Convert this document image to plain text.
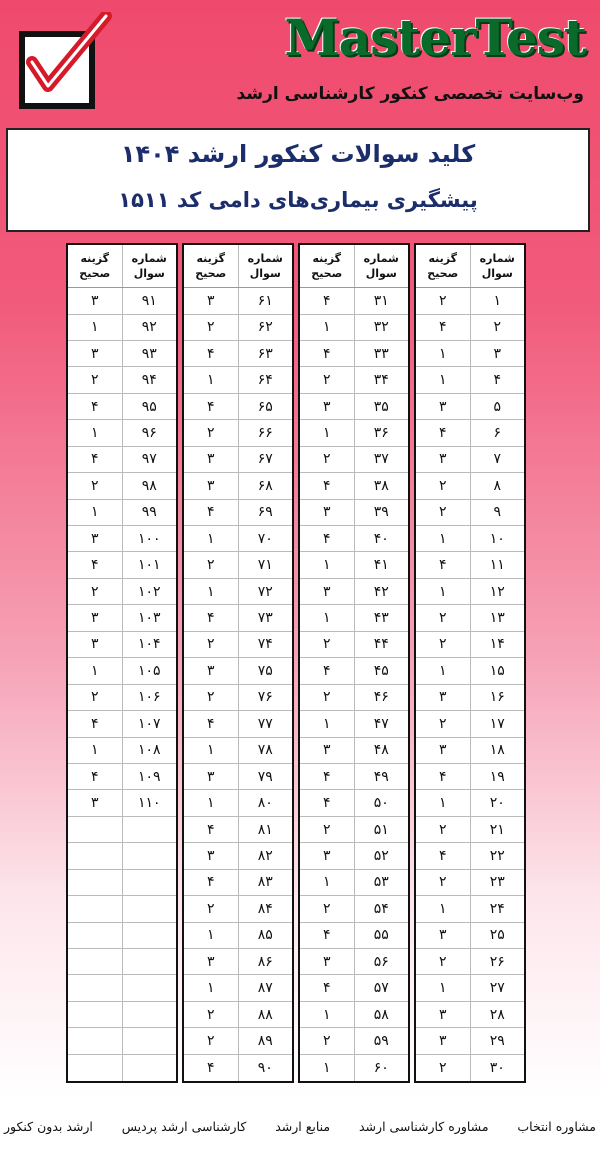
MasterTest
وب‌سایت تخصصی کنکور کارشناسی ارشد
کلید سوالات کنکور ارشد ۱۴۰۴
پیشگیری بیماری‌های دامی کد ۱۵۱۱
شماره
سوال
گزینه
صحیح
۱
۲
۲
۴
۳
۱
۴
۱
۵
۳
۶
۴
۷
۳
۸
۲
۹
۲
۱۰
۱
۱۱
۴
۱۲
۱
۱۳
۲
۱۴
۲
۱۵
۱
۱۶
۳
۱۷
۲
۱۸
۳
۱۹
۴
۲۰
۱
۲۱
۲
۲۲
۴
۲۳
۲
۲۴
۱
۲۵
۳
۲۶
۲
۲۷
۱
۲۸
۳
۲۹
۳
۳۰
۲
شماره
سوال
گزینه
صحیح
۳۱
۴
۳۲
۱
۳۳
۴
۳۴
۲
۳۵
۳
۳۶
۱
۳۷
۲
۳۸
۴
۳۹
۳
۴۰
۴
۴۱
۱
۴۲
۳
۴۳
۱
۴۴
۲
۴۵
۴
۴۶
۲
۴۷
۱
۴۸
۳
۴۹
۴
۵۰
۴
۵۱
۲
۵۲
۳
۵۳
۱
۵۴
۲
۵۵
۴
۵۶
۳
۵۷
۴
۵۸
۱
۵۹
۲
۶۰
۱
شماره
سوال
گزینه
صحیح
۶۱
۳
۶۲
۲
۶۳
۴
۶۴
۱
۶۵
۴
۶۶
۲
۶۷
۳
۶۸
۳
۶۹
۴
۷۰
۱
۷۱
۲
۷۲
۱
۷۳
۴
۷۴
۲
۷۵
۳
۷۶
۲
۷۷
۴
۷۸
۱
۷۹
۳
۸۰
۱
۸۱
۴
۸۲
۳
۸۳
۴
۸۴
۲
۸۵
۱
۸۶
۳
۸۷
۱
۸۸
۲
۸۹
۲
۹۰
۴
شماره
سوال
گزینه
صحیح
۹۱
۳
۹۲
۱
۹۳
۳
۹۴
۲
۹۵
۴
۹۶
۱
۹۷
۴
۹۸
۲
۹۹
۱
۱۰۰
۳
۱۰۱
۴
۱۰۲
۲
۱۰۳
۳
۱۰۴
۳
۱۰۵
۱
۱۰۶
۲
۱۰۷
۴
۱۰۸
۱
۱۰۹
۴
۱۱۰
۳
ارشد بدون کنکور کارشناسی ارشد پردیس منابع ارشد مشاوره کارشناسی ارشد مشاوره انتخاب
